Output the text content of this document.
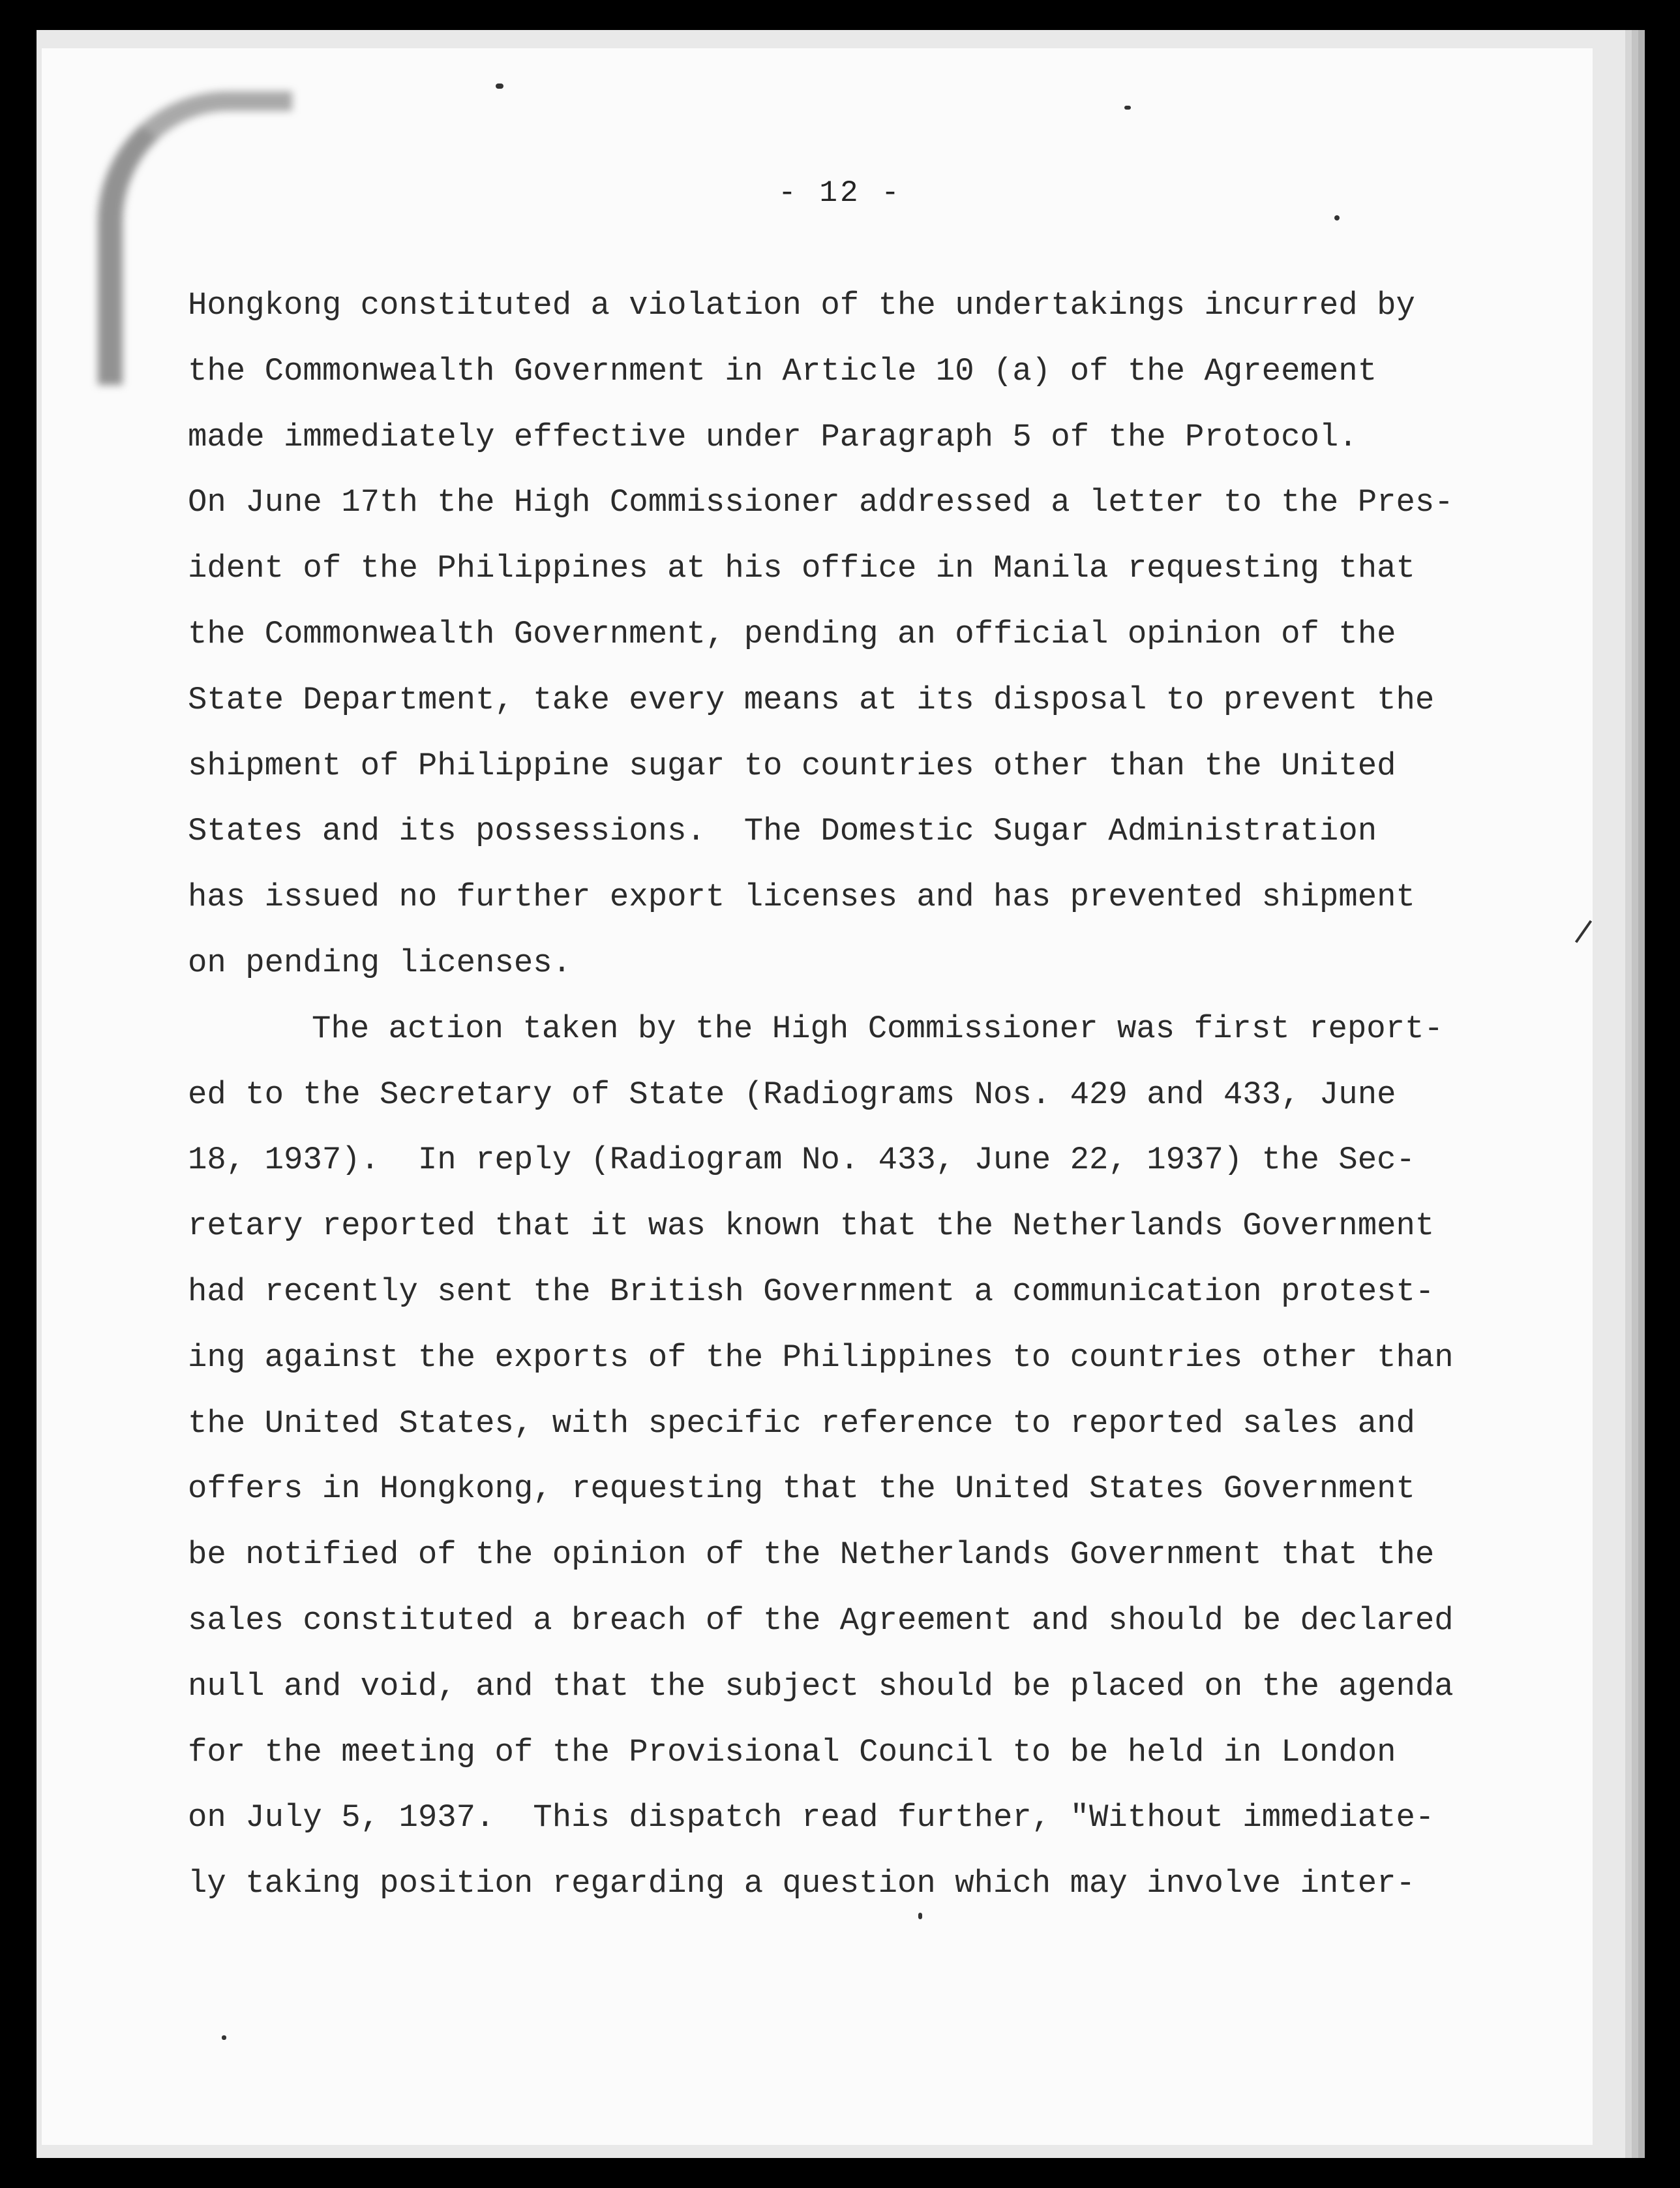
- 12 -
Hongkong constituted a violation of the undertakings incurred by
the Commonwealth Government in Article 10 (a) of the Agreement
made immediately effective under Paragraph 5 of the Protocol.
On June 17th the High Commissioner addressed a letter to the Pres-
ident of the Philippines at his office in Manila requesting that
the Commonwealth Government, pending an official opinion of the
State Department, take every means at its disposal to prevent the
shipment of Philippine sugar to countries other than the United
States and its possessions.  The Domestic Sugar Administration
has issued no further export licenses and has prevented shipment
on pending licenses.
The action taken by the High Commissioner was first report-
ed to the Secretary of State (Radiograms Nos. 429 and 433, June
18, 1937).  In reply (Radiogram No. 433, June 22, 1937) the Sec-
retary reported that it was known that the Netherlands Government
had recently sent the British Government a communication protest-
ing against the exports of the Philippines to countries other than
the United States, with specific reference to reported sales and
offers in Hongkong, requesting that the United States Government
be notified of the opinion of the Netherlands Government that the
sales constituted a breach of the Agreement and should be declared
null and void, and that the subject should be placed on the agenda
for the meeting of the Provisional Council to be held in London
on July 5, 1937.  This dispatch read further, "Without immediate-
ly taking position regarding a question which may involve inter-
